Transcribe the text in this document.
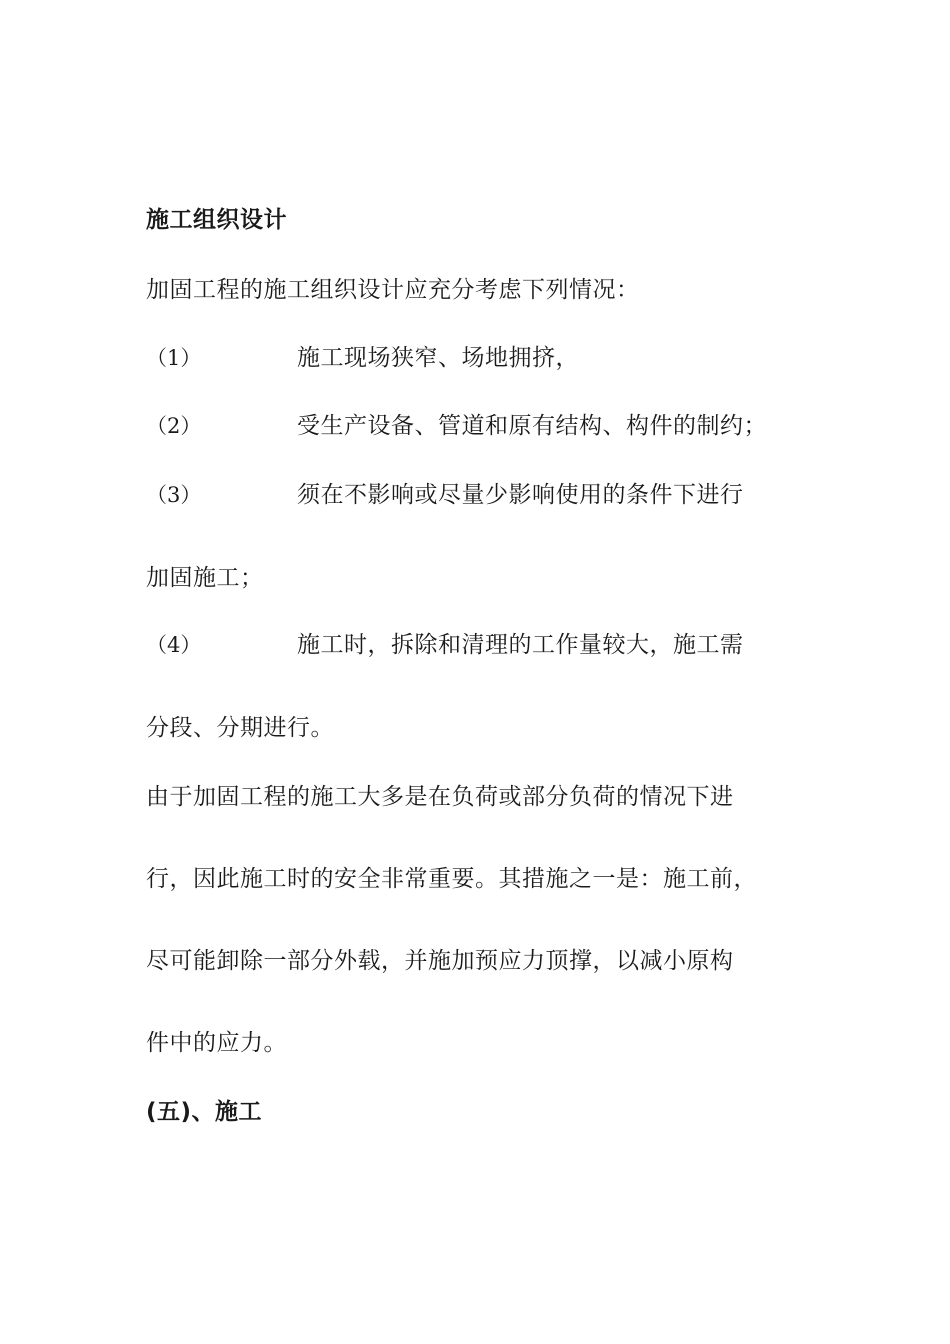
施工组织设计
加固工程的施工组织设计应充分考虑下列情况：
（1）	施工现场狭窄、场地拥挤，
（2）	受生产设备、管道和原有结构、构件的制约；
（3）	须在不影响或尽量少影响使用的条件下进行
加固施工；
（4）	施工时，拆除和清理的工作量较大，施工需
分段、分期进行。
由于加固工程的施工大多是在负荷或部分负荷的情况下进
行，因此施工时的安全非常重要。其措施之一是：施工前，
尽可能卸除一部分外载，并施加预应力顶撑，以减小原构
件中的应力。
(五)、施工
